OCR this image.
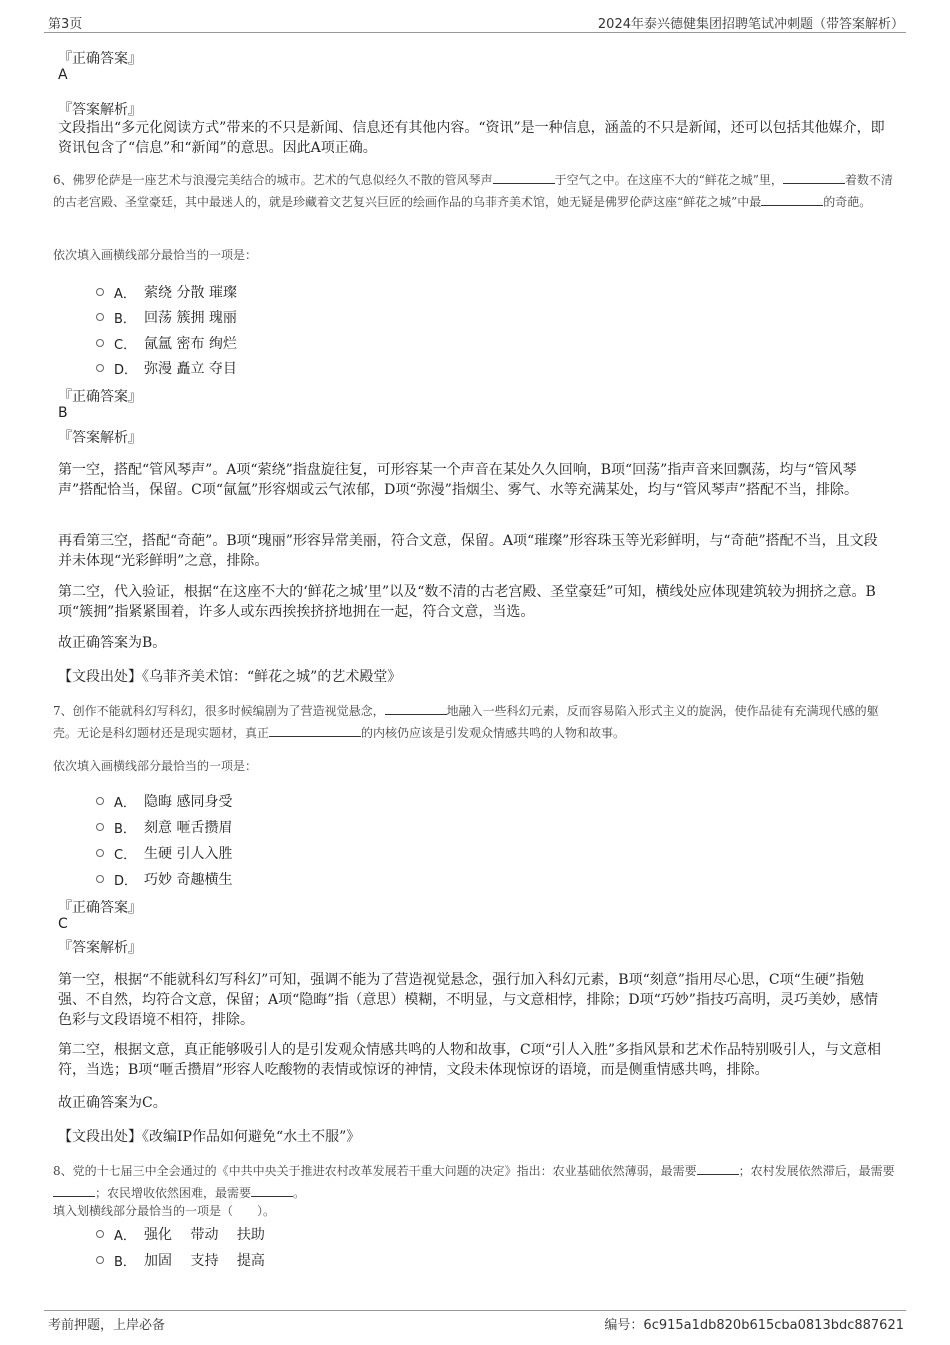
第3页	2024年泰兴德健集团招聘笔试冲刺题（带答案解析）
『正确答案』
A
『答案解析』
文段指出“多元化阅读方式”带来的不只是新闻、信息还有其他内容。“资讯”是一种信息，涵盖的不只是新闻，还可以包括其他媒介，即资讯包含了“信息”和“新闻”的意思。因此A项正确。
6、佛罗伦萨是一座艺术与浪漫完美结合的城市。艺术的气息似经久不散的管风琴声	于空气之中。在这座不大的“鲜花之城”里，	着数不清的古老宫殿、圣堂豪廷，其中最迷人的，就是珍藏着文艺复兴巨匠的绘画作品的乌菲齐美术馆，她无疑是佛罗伦萨这座“鲜花之城”中最	的奇葩。
依次填入画横线部分最恰当的一项是：
A． 萦绕 分散 璀璨
B． 回荡 簇拥 瑰丽
C． 氤氲 密布 绚烂
D． 弥漫 矗立 夺目
『正确答案』
B
『答案解析』
第一空，搭配“管风琴声”。A项“萦绕”指盘旋往复，可形容某一个声音在某处久久回响，B项“回荡”指声音来回飘荡，均与“管风琴声”搭配恰当，保留。C项“氤氲”形容烟或云气浓郁，D项“弥漫”指烟尘、雾气、水等充满某处，均与“管风琴声”搭配不当，排除。
再看第三空，搭配“奇葩”。B项“瑰丽”形容异常美丽，符合文意，保留。A项“璀璨”形容珠玉等光彩鲜明，与“奇葩”搭配不当，且文段并未体现“光彩鲜明”之意，排除。
第二空，代入验证，根据“在这座不大的‘鲜花之城’里”以及“数不清的古老宫殿、圣堂豪廷”可知，横线处应体现建筑较为拥挤之意。B项“簇拥”指紧紧围着，许多人或东西挨挨挤挤地拥在一起，符合文意，当选。
故正确答案为B。
【文段出处】《乌菲齐美术馆：“鲜花之城”的艺术殿堂》
7、创作不能就科幻写科幻，很多时候编剧为了营造视觉悬念，	地融入一些科幻元素，反而容易陷入形式主义的旋涡，使作品徒有充满现代感的躯壳。无论是科幻题材还是现实题材，真正	的内核仍应该是引发观众情感共鸣的人物和故事。
依次填入画横线部分最恰当的一项是：
A． 隐晦 感同身受
B． 刻意 咂舌攒眉
C． 生硬 引人入胜
D． 巧妙 奇趣横生
『正确答案』
C
『答案解析』
第一空，根据“不能就科幻写科幻”可知，强调不能为了营造视觉悬念，强行加入科幻元素，B项“刻意”指用尽心思，C项“生硬”指勉强、不自然，均符合文意，保留；A项“隐晦”指（意思）模糊，不明显，与文意相悖，排除；D项“巧妙”指技巧高明，灵巧美妙，感情色彩与文段语境不相符，排除。
第二空，根据文意，真正能够吸引人的是引发观众情感共鸣的人物和故事，C项“引人入胜”多指风景和艺术作品特别吸引人，与文意相符，当选；B项“咂舌攒眉”形容人吃酸物的表情或惊讶的神情，文段未体现惊讶的语境，而是侧重情感共鸣，排除。
故正确答案为C。
【文段出处】《改编IP作品如何避免“水土不服”》
8、党的十七届三中全会通过的《中共中央关于推进农村改革发展若干重大问题的决定》指出：农业基础依然薄弱，最需要	；农村发展依然滞后，最需要；农民增收依然困难，最需要	。
填入划横线部分最恰当的一项是（　　）。
A． 强化　 带动　 扶助
B． 加固　 支持　 提高
考前押题，上岸必备	编号：6c915a1db820b615cba0813bdc887621
